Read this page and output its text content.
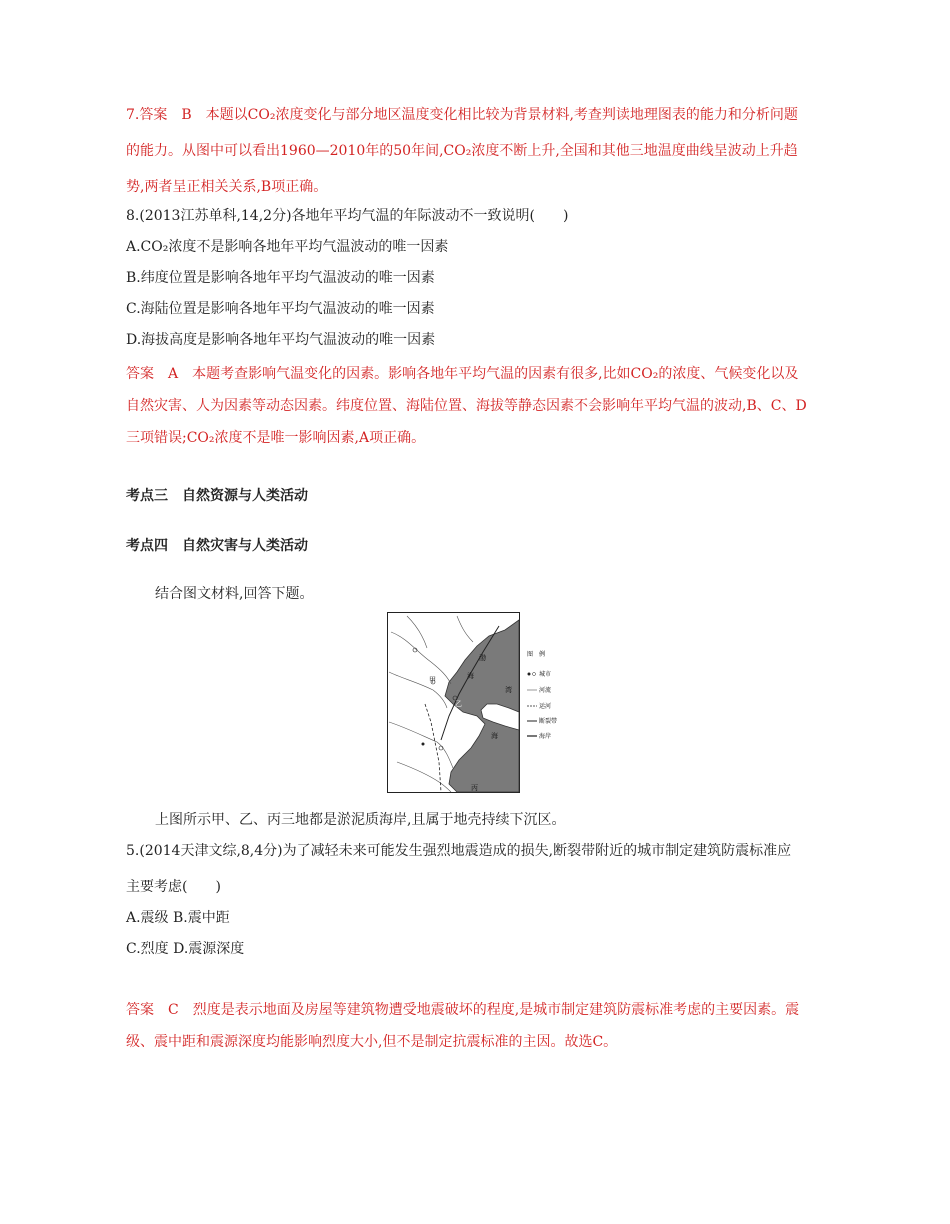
7.答案　B　本题以CO₂浓度变化与部分地区温度变化相比较为背景材料,考查判读地理图表的能力和分析问题
的能力。从图中可以看出1960—2010年的50年间,CO₂浓度不断上升,全国和其他三地温度曲线呈波动上升趋
势,两者呈正相关关系,B项正确。
8.(2013江苏单科,14,2分)各地年平均气温的年际波动不一致说明(　　)
A.CO₂浓度不是影响各地年平均气温波动的唯一因素
B.纬度位置是影响各地年平均气温波动的唯一因素
C.海陆位置是影响各地年平均气温波动的唯一因素
D.海拔高度是影响各地年平均气温波动的唯一因素
答案　A　本题考查影响气温变化的因素。影响各地年平均气温的因素有很多,比如CO₂的浓度、气候变化以及
自然灾害、人为因素等动态因素。纬度位置、海陆位置、海拔等静态因素不会影响年平均气温的波动,B、C、D
三项错误;CO₂浓度不是唯一影响因素,A项正确。
考点三　自然资源与人类活动
考点四　自然灾害与人类活动
结合图文材料,回答下题。
渤
海
湾
海
甲
乙
丙
图　例
城市
河流
运河
断裂带
海岸
上图所示甲、乙、丙三地都是淤泥质海岸,且属于地壳持续下沉区。
5.(2014天津文综,8,4分)为了减轻未来可能发生强烈地震造成的损失,断裂带附近的城市制定建筑防震标准应
主要考虑(　　)
A.震级 B.震中距
C.烈度 D.震源深度
答案　C　烈度是表示地面及房屋等建筑物遭受地震破坏的程度,是城市制定建筑防震标准考虑的主要因素。震
级、震中距和震源深度均能影响烈度大小,但不是制定抗震标准的主因。故选C。
